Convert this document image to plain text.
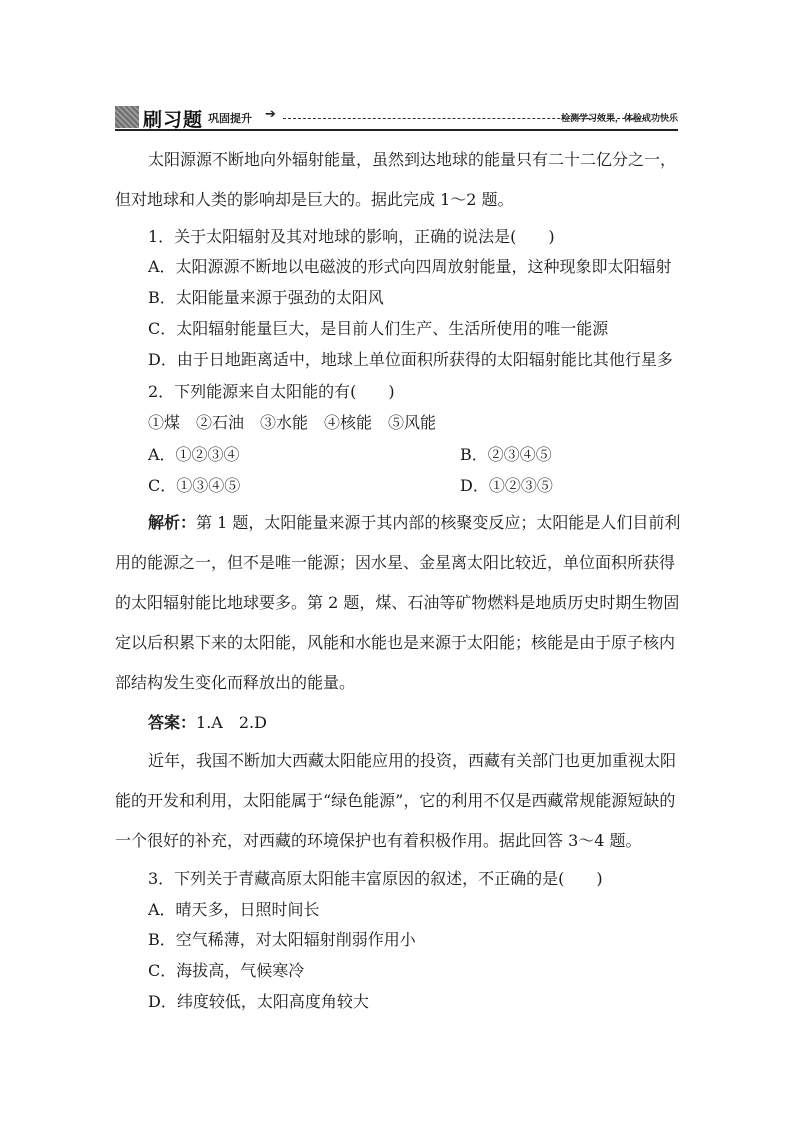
刷习题 巩固提升 ➔	检测学习效果，体验成功快乐
太阳源源不断地向外辐射能量，虽然到达地球的能量只有二十二亿分之一，
但对地球和人类的影响却是巨大的。据此完成 1～2 题。
1．关于太阳辐射及其对地球的影响，正确的说法是(　　)
A．太阳源源不断地以电磁波的形式向四周放射能量，这种现象即太阳辐射
B．太阳能量来源于强劲的太阳风
C．太阳辐射能量巨大，是目前人们生产、生活所使用的唯一能源
D．由于日地距离适中，地球上单位面积所获得的太阳辐射能比其他行星多
2．下列能源来自太阳能的有(　　)
①煤　②石油　③水能　④核能　⑤风能
A．①②③④	B．②③④⑤
C．①③④⑤	D．①②③⑤
解析：第 1 题，太阳能量来源于其内部的核聚变反应；太阳能是人们目前利
用的能源之一，但不是唯一能源；因水星、金星离太阳比较近，单位面积所获得
的太阳辐射能比地球要多。第 2 题，煤、石油等矿物燃料是地质历史时期生物固
定以后积累下来的太阳能，风能和水能也是来源于太阳能；核能是由于原子核内
部结构发生变化而释放出的能量。
答案：1.A　2.D
近年，我国不断加大西藏太阳能应用的投资，西藏有关部门也更加重视太阳
能的开发和利用，太阳能属于“绿色能源”，它的利用不仅是西藏常规能源短缺的
一个很好的补充，对西藏的环境保护也有着积极作用。据此回答 3～4 题。
3．下列关于青藏高原太阳能丰富原因的叙述，不正确的是(　　)
A．晴天多，日照时间长
B．空气稀薄，对太阳辐射削弱作用小
C．海拔高，气候寒冷
D．纬度较低，太阳高度角较大
